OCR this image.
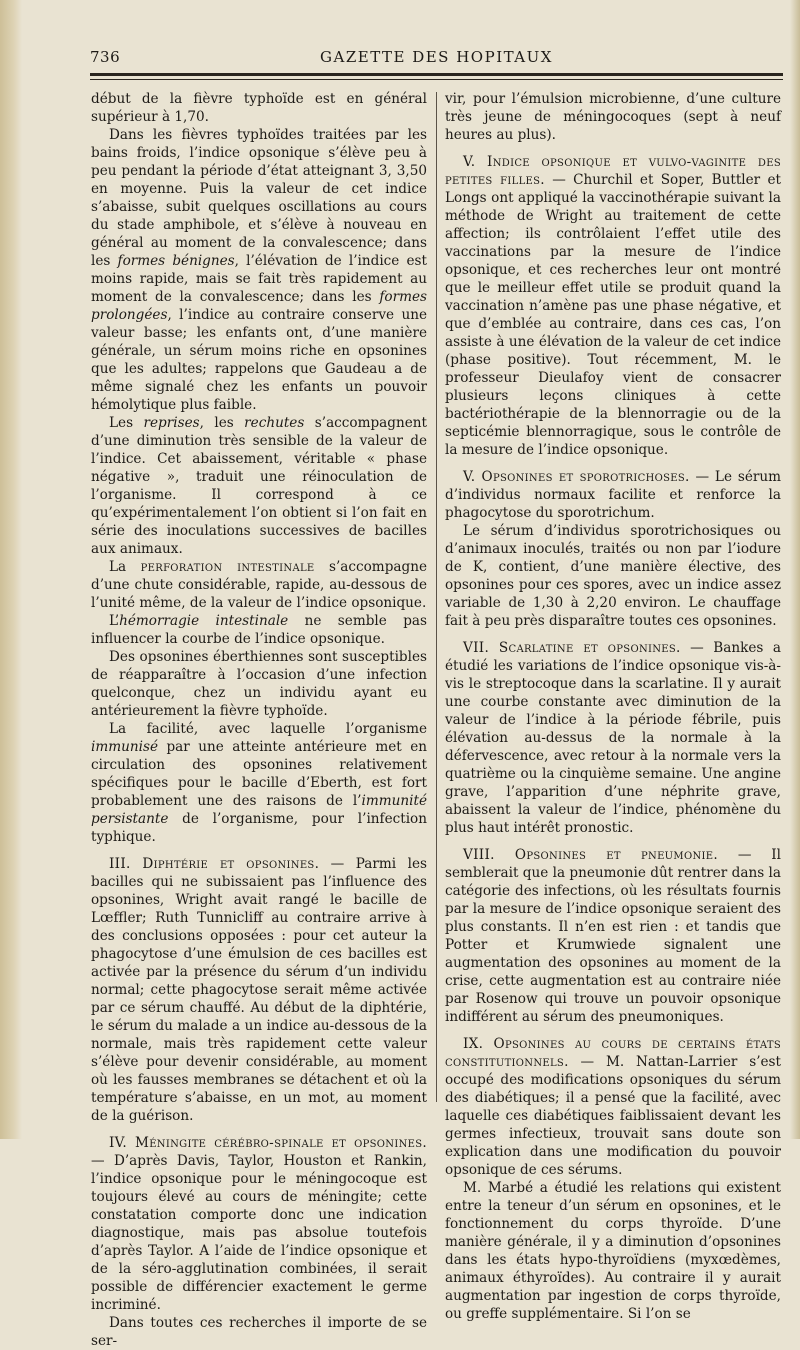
736	GAZETTE DES HOPITAUX

début de la fièvre typhoïde est en général supérieur à 1,70.

Dans les fièvres typhoïdes traitées par les bains froids, l’indice opsonique s’élève peu à peu pendant la période d’état atteignant 3, 3,50 en moyenne. Puis la valeur de cet indice s’abaisse, subit quelques oscillations au cours du stade amphibole, et s’élève à nouveau en général au moment de la convalescence; dans les formes bénignes, l’élévation de l’indice est moins rapide, mais se fait très rapidement au moment de la convalescence; dans les formes prolongées, l’indice au contraire conserve une valeur basse; les enfants ont, d’une manière générale, un sérum moins riche en opsonines que les adultes; rappelons que Gaudeau a de même signalé chez les enfants un pouvoir hémolytique plus faible.

Les reprises, les rechutes s’accompagnent d’une diminution très sensible de la valeur de l’indice. Cet abaissement, véritable « phase négative », traduit une réinoculation de l’organisme. Il correspond à ce qu’expérimentalement l’on obtient si l’on fait en série des inoculations successives de bacilles aux animaux.

La perforation intestinale s’accompagne d’une chute considérable, rapide, au-dessous de l’unité même, de la valeur de l’indice opsonique.

L’hémorragie intestinale ne semble pas influencer la courbe de l’indice opsonique.

Des opsonines éberthiennes sont susceptibles de réapparaître à l’occasion d’une infection quelconque, chez un individu ayant eu antérieurement la fièvre typhoïde.

La facilité, avec laquelle l’organisme immunisé par une atteinte antérieure met en circulation des opsonines relativement spécifiques pour le bacille d’Eberth, est fort probablement une des raisons de l’immunité persistante de l’organisme, pour l’infection typhique.

III. Diphtérie et opsonines. — Parmi les bacilles qui ne subissaient pas l’influence des opsonines, Wright avait rangé le bacille de Lœffler; Ruth Tunnicliff au contraire arrive à des conclusions opposées : pour cet auteur la phagocytose d’une émulsion de ces bacilles est activée par la présence du sérum d’un individu normal; cette phagocytose serait même activée par ce sérum chauffé. Au début de la diphtérie, le sérum du malade a un indice au-dessous de la normale, mais très rapidement cette valeur s’élève pour devenir considérable, au moment où les fausses membranes se détachent et où la température s’abaisse, en un mot, au moment de la guérison.

IV. Méningite cérébro-spinale et opsonines. — D’après Davis, Taylor, Houston et Rankin, l’indice opsonique pour le méningocoque est toujours élevé au cours de méningite; cette constatation comporte donc une indication diagnostique, mais pas absolue toutefois d’après Taylor. A l’aide de l’indice opsonique et de la séro-agglutination combinées, il serait possible de différencier exactement le germe incriminé.

Dans toutes ces recherches il importe de se ser-

vir, pour l’émulsion microbienne, d’une culture très jeune de méningocoques (sept à neuf heures au plus).

V. Indice opsonique et vulvo-vaginite des petites filles. — Churchil et Soper, Buttler et Longs ont appliqué la vaccinothérapie suivant la méthode de Wright au traitement de cette affection; ils contrôlaient l’effet utile des vaccinations par la mesure de l’indice opsonique, et ces recherches leur ont montré que le meilleur effet utile se produit quand la vaccination n’amène pas une phase négative, et que d’emblée au contraire, dans ces cas, l’on assiste à une élévation de la valeur de cet indice (phase positive). Tout récemment, M. le professeur Dieulafoy vient de consacrer plusieurs leçons cliniques à cette bactériothérapie de la blennorragie ou de la septicémie blennorragique, sous le contrôle de la mesure de l’indice opsonique.

V. Opsonines et sporotrichoses. — Le sérum d’individus normaux facilite et renforce la phagocytose du sporotrichum.

Le sérum d’individus sporotrichosiques ou d’animaux inoculés, traités ou non par l’iodure de K, contient, d’une manière élective, des opsonines pour ces spores, avec un indice assez variable de 1,30 à 2,20 environ. Le chauffage fait à peu près disparaître toutes ces opsonines.

VII. Scarlatine et opsonines. — Bankes a étudié les variations de l’indice opsonique vis-à-vis le streptocoque dans la scarlatine. Il y aurait une courbe constante avec diminution de la valeur de l’indice à la période fébrile, puis élévation au-dessus de la normale à la défervescence, avec retour à la normale vers la quatrième ou la cinquième semaine. Une angine grave, l’apparition d’une néphrite grave, abaissent la valeur de l’indice, phénomène du plus haut intérêt pronostic.

VIII. Opsonines et pneumonie. — Il semblerait que la pneumonie dût rentrer dans la catégorie des infections, où les résultats fournis par la mesure de l’indice opsonique seraient des plus constants. Il n’en est rien : et tandis que Potter et Krumwiede signalent une augmentation des opsonines au moment de la crise, cette augmentation est au contraire niée par Rosenow qui trouve un pouvoir opsonique indifférent au sérum des pneumoniques.

IX. Opsonines au cours de certains états constitutionnels. — M. Nattan-Larrier s’est occupé des modifications opsoniques du sérum des diabétiques; il a pensé que la facilité, avec laquelle ces diabétiques faiblissaient devant les germes infectieux, trouvait sans doute son explication dans une modification du pouvoir opsonique de ces sérums.

M. Marbé a étudié les relations qui existent entre la teneur d’un sérum en opsonines, et le fonctionnement du corps thyroïde. D’une manière générale, il y a diminution d’opsonines dans les états hypo-thyroïdiens (myxœdèmes, animaux éthyroïdes). Au contraire il y aurait augmentation par ingestion de corps thyroïde, ou greffe supplémentaire. Si l’on se
